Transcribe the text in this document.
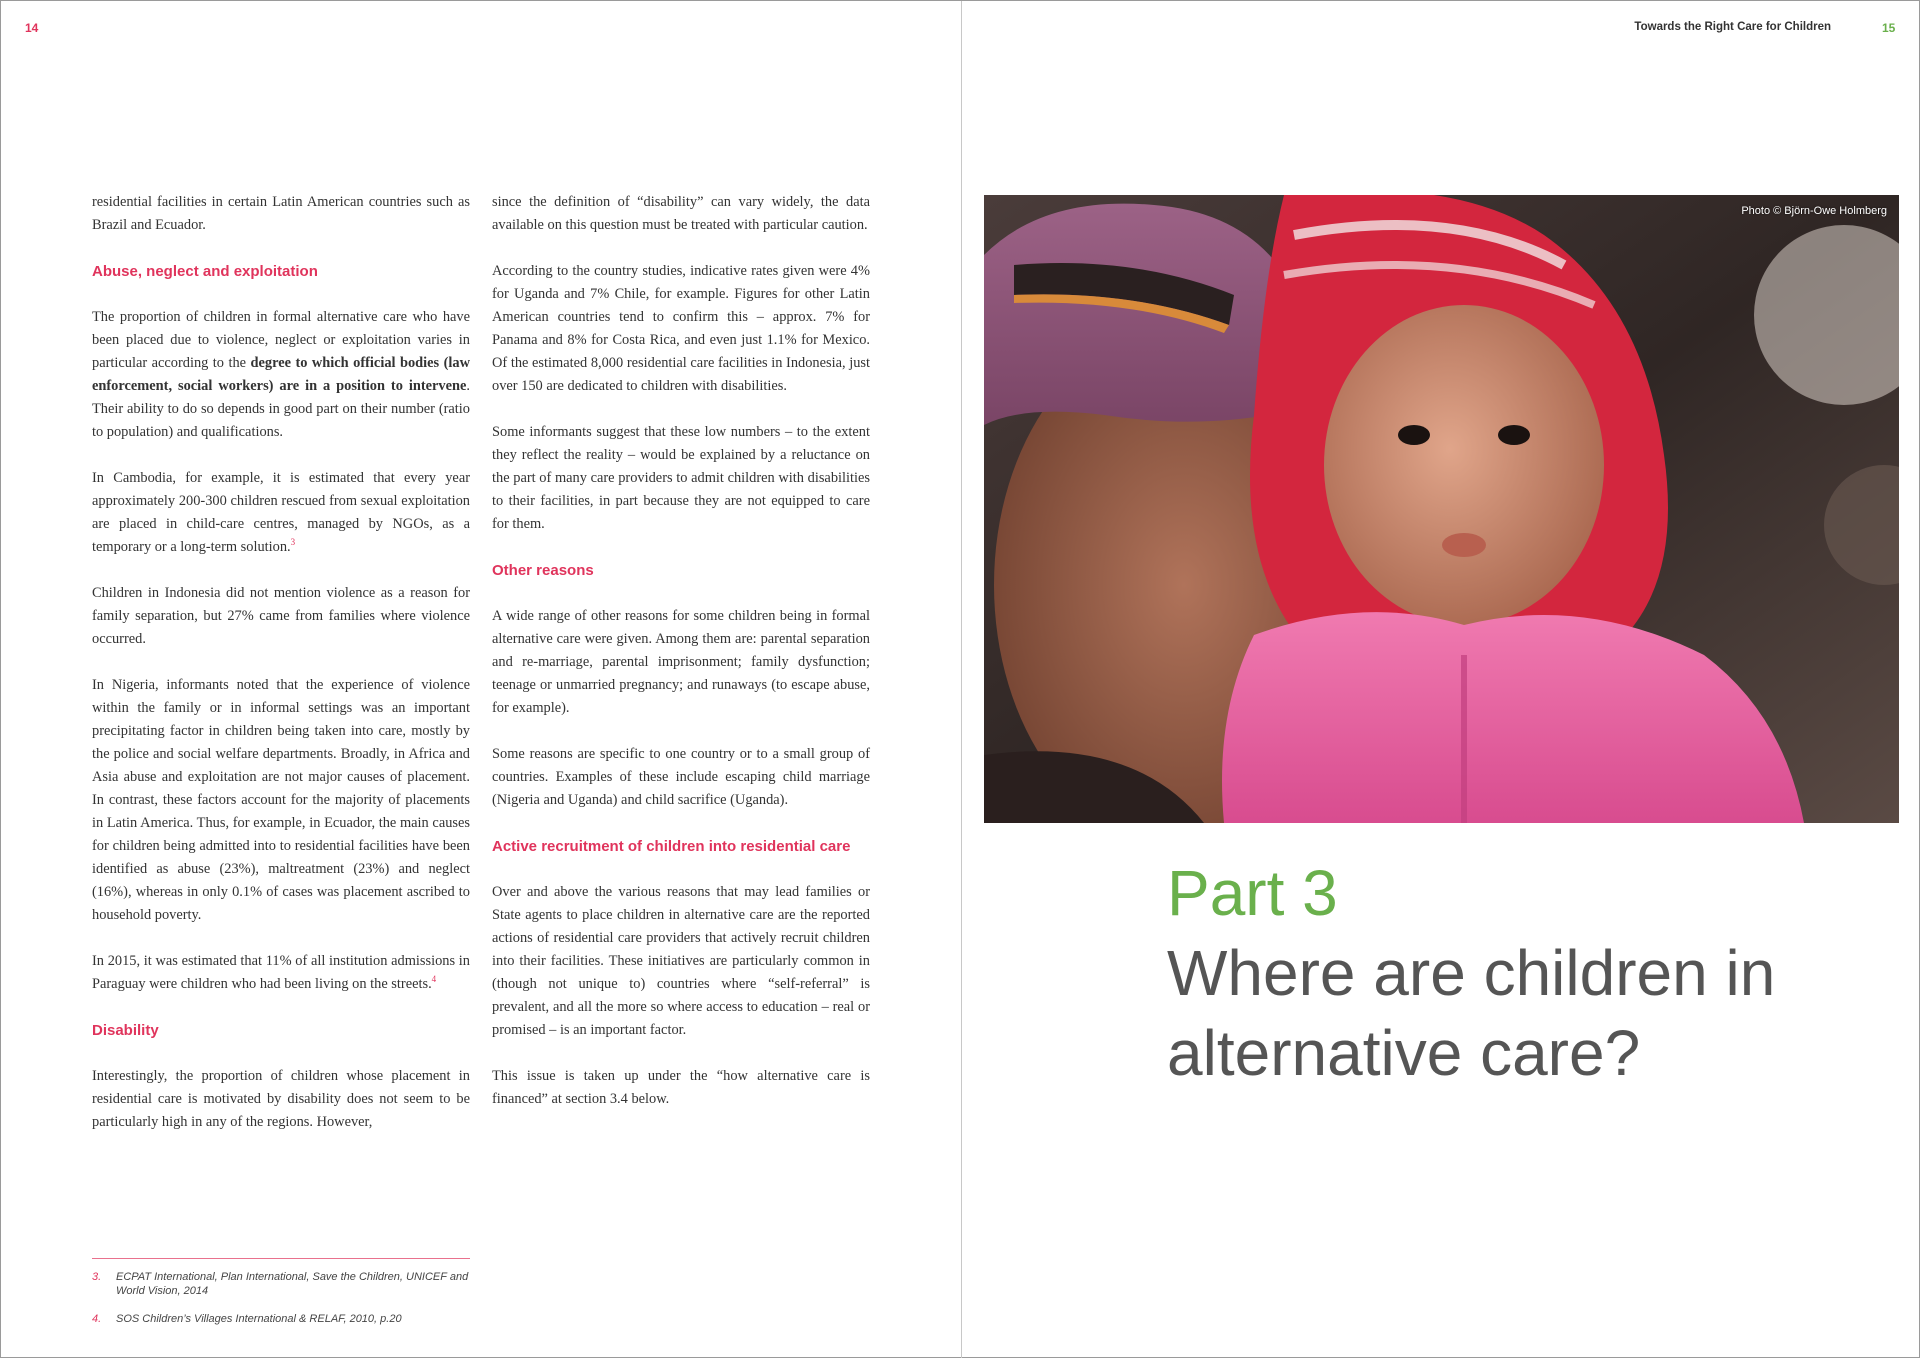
14

residential facilities in certain Latin American countries such as Brazil and Ecuador.

Abuse, neglect and exploitation

The proportion of children in formal alternative care who have been placed due to violence, neglect or exploitation varies in particular according to the degree to which official bodies (law enforcement, social workers) are in a position to intervene. Their ability to do so depends in good part on their number (ratio to population) and qualifications.

In Cambodia, for example, it is estimated that every year approximately 200-300 children rescued from sexual exploitation are placed in child-care centres, managed by NGOs, as a temporary or a long-term solution.$^3$

Children in Indonesia did not mention violence as a reason for family separation, but 27% came from families where violence occurred.

In Nigeria, informants noted that the experience of violence within the family or in informal settings was an important precipitating factor in children being taken into care, mostly by the police and social welfare departments. Broadly, in Africa and Asia abuse and exploitation are not major causes of placement. In contrast, these factors account for the majority of placements in Latin America. Thus, for example, in Ecuador, the main causes for children being admitted into to residential facilities have been identified as abuse (23%), maltreatment (23%) and neglect (16%), whereas in only 0.1% of cases was placement ascribed to household poverty.

In 2015, it was estimated that 11% of all institution admissions in Paraguay were children who had been living on the streets.$^4$

Disability

Interestingly, the proportion of children whose placement in residential care is motivated by disability does not seem to be particularly high in any of the regions. However,

since the definition of “disability” can vary widely, the data available on this question must be treated with particular caution.

According to the country studies, indicative rates given were 4% for Uganda and 7% Chile, for example. Figures for other Latin American countries tend to confirm this – approx. 7% for Panama and 8% for Costa Rica, and even just 1.1% for Mexico. Of the estimated 8,000 residential care facilities in Indonesia, just over 150 are dedicated to children with disabilities.

Some informants suggest that these low numbers – to the extent they reflect the reality – would be explained by a reluctance on the part of many care providers to admit children with disabilities to their facilities, in part because they are not equipped to care for them.

Other reasons

A wide range of other reasons for some children being in formal alternative care were given. Among them are: parental separation and re-marriage, parental imprisonment; family dysfunction; teenage or unmarried pregnancy; and runaways (to escape abuse, for example).

Some reasons are specific to one country or to a small group of countries. Examples of these include escaping child marriage (Nigeria and Uganda) and child sacrifice (Uganda).

Active recruitment of children into residential care

Over and above the various reasons that may lead families or State agents to place children in alternative care are the reported actions of residential care providers that actively recruit children into their facilities. These initiatives are particularly common in (though not unique to) countries where “self-referral” is prevalent, and all the more so where access to education – real or promised – is an important factor.

This issue is taken up under the “how alternative care is financed” at section 3.4 below.

3.	ECPAT International, Plan International, Save the Children, UNICEF and World Vision, 2014
4.	SOS Children’s Villages International & RELAF, 2010, p.20
Towards the Right Care for Children	15
Photo © Björn-Owe Holmberg
Part 3
Where are children in alternative care?
